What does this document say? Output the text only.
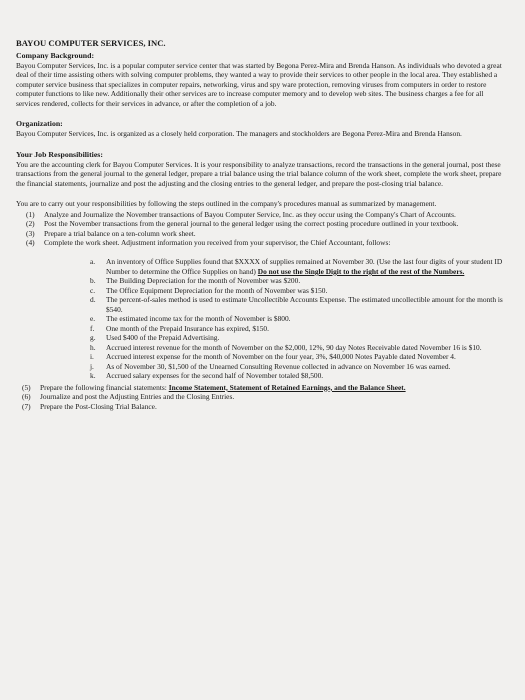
BAYOU COMPUTER SERVICES, INC.
Company Background:

Bayou Computer Services, Inc. is a popular computer service center that was started by Begona Perez-Mira and Brenda Hanson. As individuals who devoted a great deal of their time assisting others with solving computer problems, they wanted a way to provide their services to other people in the local area. They established a computer service business that specializes in computer repairs, networking, virus and spy ware protection, removing viruses from computers in order to restore computer functions to like new. Additionally their other services are to increase computer memory and to develop web sites. The business charges a fee for all services rendered, collects for their services in advance, or after the completion of a job.

Organization:

Bayou Computer Services, Inc. is organized as a closely held corporation. The managers and stockholders are Begona Perez-Mira and Brenda Hanson.

Your Job Responsibilities:

You are the accounting clerk for Bayou Computer Services. It is your responsibility to analyze transactions, record the transactions in the general journal, post these transactions from the general journal to the general ledger, prepare a trial balance using the trial balance column of the work sheet, complete the work sheet, prepare the financial statements, journalize and post the adjusting and the closing entries to the general ledger, and prepare the post-closing trial balance.

You are to carry out your responsibilities by following the steps outlined in the company's procedures manual as summarized by management.

(1) Analyze and Journalize the November transactions of Bayou Computer Service, Inc. as they occur using the Company's Chart of Accounts.
(2) Post the November transactions from the general journal to the general ledger using the correct posting procedure outlined in your textbook.
(3) Prepare a trial balance on a ten-column work sheet.
(4) Complete the work sheet. Adjustment information you received from your supervisor, the Chief Accountant, follows:
a. An inventory of Office Supplies found that $XXXX of supplies remained at November 30. (Use the last four digits of your student ID Number to determine the Office Supplies on hand) Do not use the Single Digit to the right of the rest of the Numbers.
b. The Building Depreciation for the month of November was $200.
c. The Office Equipment Depreciation for the month of November was $150.
d. The percent-of-sales method is used to estimate Uncollectible Accounts Expense. The estimated uncollectible amount for the month is $540.
e. The estimated income tax for the month of November is $800.
f. One month of the Prepaid Insurance has expired, $150.
g. Used $400 of the Prepaid Advertising.
h. Accrued interest revenue for the month of November on the $2,000, 12%, 90 day Notes Receivable dated November 16 is $10.
i. Accrued interest expense for the month of November on the four year, 3%, $40,000 Notes Payable dated November 4.
j. As of November 30, $1,500 of the Unearned Consulting Revenue collected in advance on November 16 was earned.
k. Accrued salary expenses for the second half of November totaled $8,500.
(5) Prepare the following financial statements: Income Statement, Statement of Retained Earnings, and the Balance Sheet.
(6) Journalize and post the Adjusting Entries and the Closing Entries.
(7) Prepare the Post-Closing Trial Balance.
